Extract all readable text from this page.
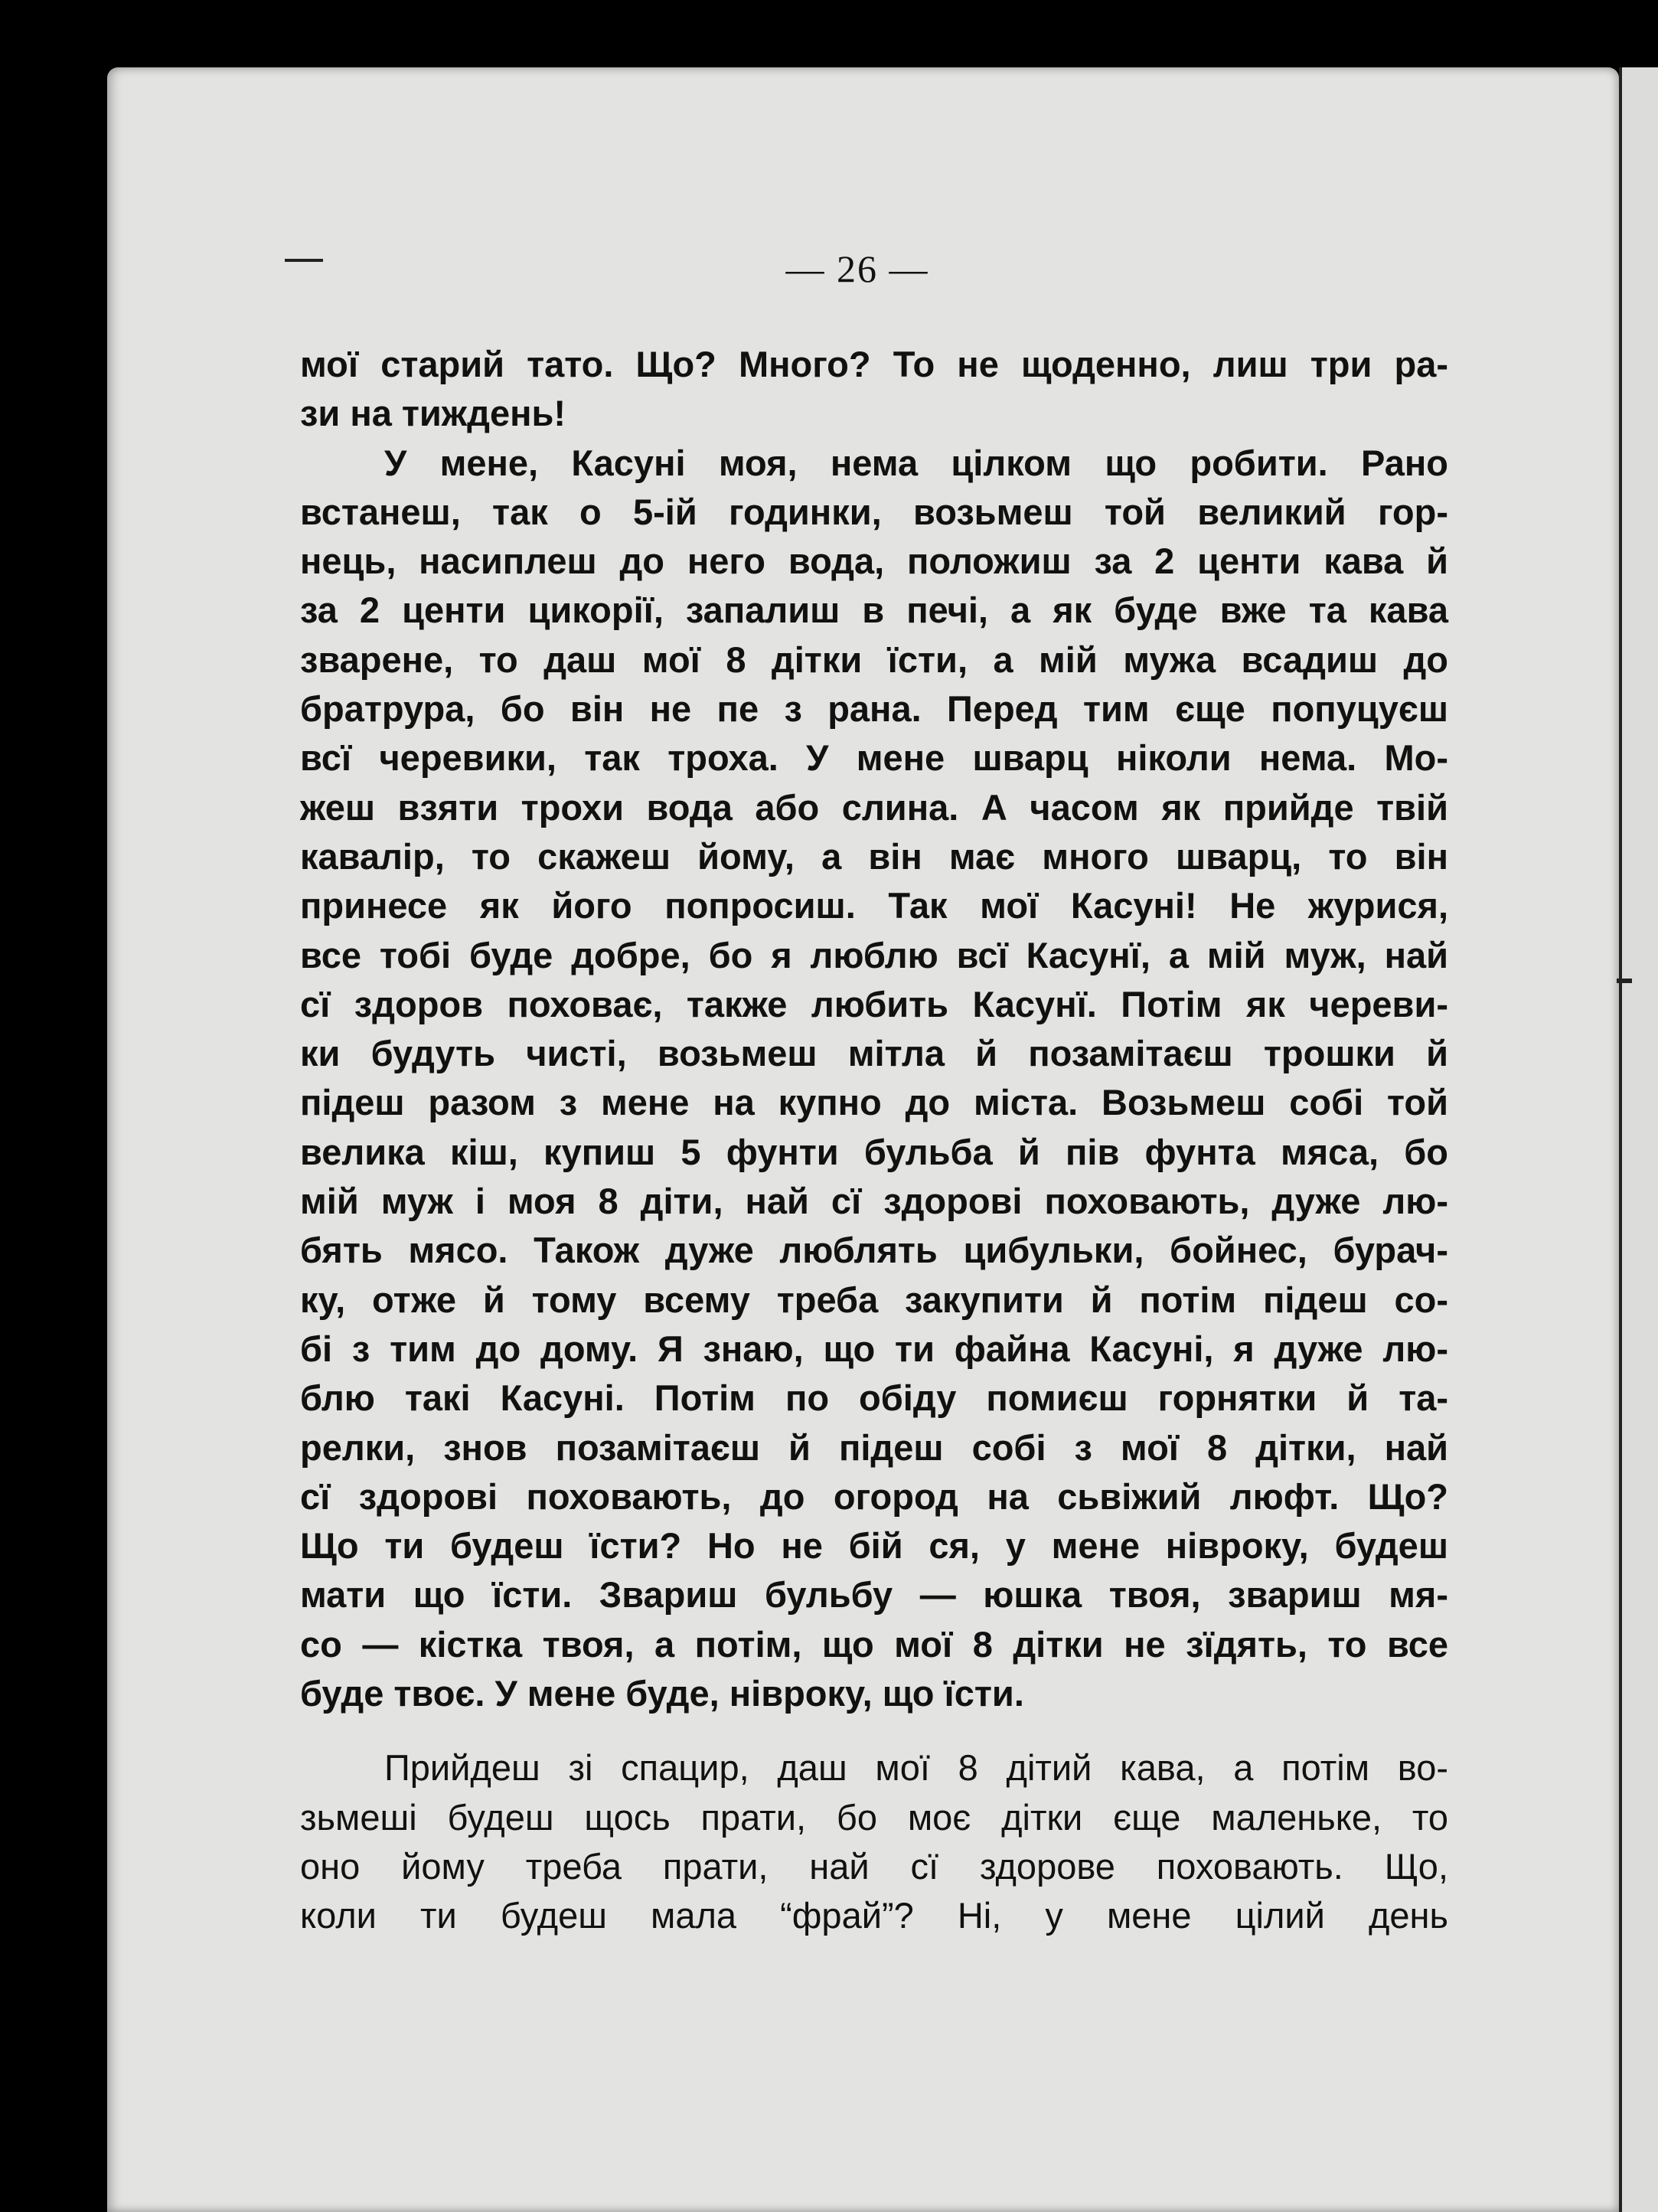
— 26 —
мої старий тато. Що? Много? То не щоденно, лиш три ра-
зи на тиждень!
У мене, Касуні моя, нема цілком що робити. Рано
встанеш, так о 5-ій годинки, возьмеш той великий гор-
нець, насиплеш до него вода, положиш за 2 центи кава й
за 2 центи цикорії, запалиш в печі, а як буде вже та кава
зварене, то даш мої 8 дітки їсти, а мій мужа всадиш до
братрура, бо він не пе з рана. Перед тим єще попуцуєш
всї черевики, так троха. У мене шварц ніколи нема. Мо-
жеш взяти трохи вода або слина. А часом як прийде твій
кавалір, то скажеш йому, а він має много шварц, то він
принесе як його попросиш. Так мої Касуні! Не журися,
все тобі буде добре, бо я люблю всї Касунї, а мій муж, най
сї здоров поховає, также любить Касунї. Потім як череви-
ки будуть чисті, возьмеш мітла й позамітаєш трошки й
підеш разом з мене на купно до міста. Возьмеш собі той
велика кіш, купиш 5 фунти бульба й пів фунта мяса, бо
мій муж і моя 8 діти, най сї здорові поховають, дуже лю-
бять мясо. Також дуже люблять цибульки, бойнес, бурач-
ку, отже й тому всему треба закупити й потім підеш со-
бі з тим до дому. Я знаю, що ти файна Касуні, я дуже лю-
блю такі Касуні. Потім по обіду помиєш горнятки й та-
релки, знов позамітаєш й підеш собі з мої 8 дітки, най
сї здорові поховають, до огород на сьвіжий люфт. Що?
Що ти будеш їсти? Но не бій ся, у мене нівроку, будеш
мати що їсти. Звариш бульбу — юшка твоя, звариш мя-
со — кістка твоя, а потім, що мої 8 дітки не зїдять, то все
буде твоє. У мене буде, нівроку, що їсти.
Прийдеш зі спацир, даш мої 8 дітий кава, а потім во-
зьмеші будеш щось прати, бо моє дітки єще маленьке, то
оно йому треба прати, най сї здорове поховають. Що,
коли ти будеш мала “фрай”? Ні, у мене цілий день
